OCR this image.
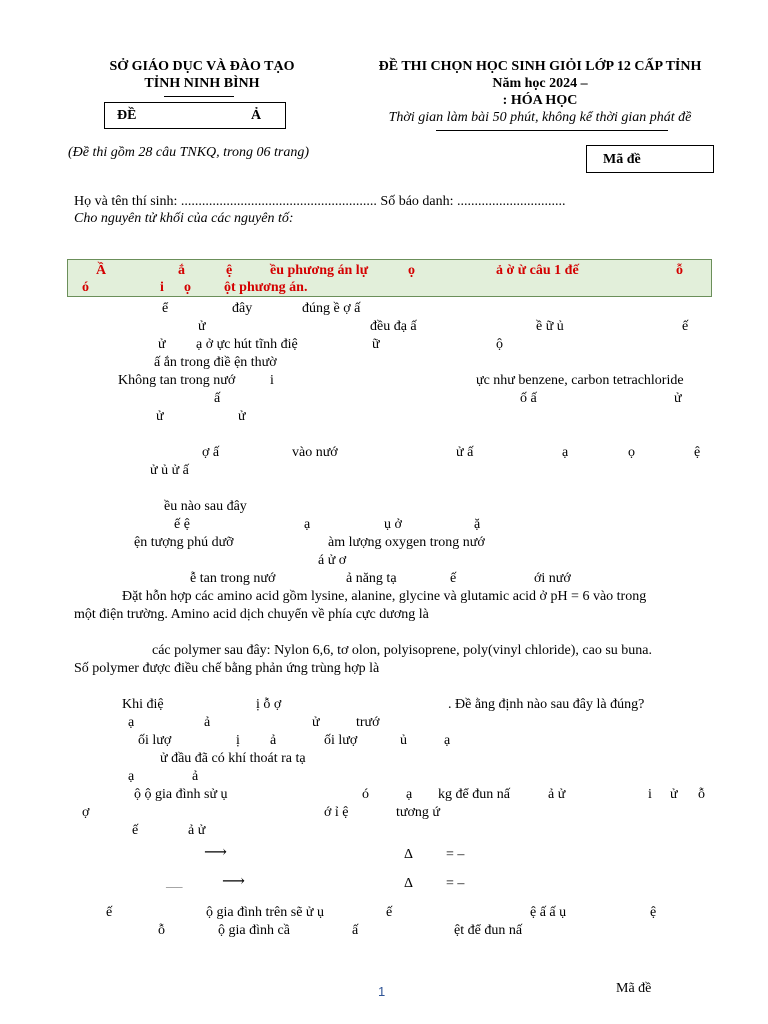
SỞ GIÁO DỤC VÀ ĐÀO TẠO
TỈNH NINH BÌNH
ĐỀ	Ả
ĐỀ THI CHỌN HỌC SINH GIỎI LỚP 12 CẤP TỈNH
Năm học 2024 –
: HÓA HỌC
Thời gian làm bài 50 phút, không kể thời gian phát đề
(Đề thi gồm 28 câu TNKQ, trong 06 trang)	Mã đề
Họ và tên thí sinh: ........................................................ Số báo danh: ...............................
Cho nguyên tử khối của các nguyên tố:
⟶
___ ⟶
1	Mã đề
Ầ	ắ	ệ	ều phương án lự	ọ	ả ờ ừ câu 1 đế	ỗ
ó	i ọ ột phương án.
ể	đây	đúng ề ợ ấ
ử	đều đạ ấ	ề ữ ủ	ế
ử ạ ở ực hút tĩnh điệ	ữ	ộ
ấ ắn trong điề ện thườ
Không tan trong nướ i	ực như benzene, carbon tetrachloride
ấ	ố ấ	ử
ử	ử
ợ ấ	vào nướ	ử ấ	ạ	ọ	ệ
ử ủ ử ấ
ều nào sau đây
ế ệ	ạ	ụ ở	ặ
ện tượng phú dưỡ	àm lượng oxygen trong nướ
á ử ơ
ễ tan trong nướ	ả năng tạ	ế	ới nướ
Đặt hỗn hợp các amino acid gồm lysine, alanine, glycine và glutamic acid ở pH = 6 vào trong
một điện trường. Amino acid dịch chuyển về phía cực dương là
các polymer sau đây: Nylon 6,6, tơ olon, polyisoprene, poly(vinyl chloride), cao su buna.
Số polymer được điều chế bằng phản ứng trùng hợp là
Khi điệ	ị ỗ ợ	. Đề ằng định nào sau đây là đúng?
ạ	ả	ử	trướ
ối lượ	ị ả	ối lượ	ủ	ạ
ử đầu đã có khí thoát ra tạ
ạ	ả
ộ ộ gia đình sử ụ	ó	ạ kg để đun nấ	ả ử	i ử ỗ
ợ	ớ ỉ ệ	tương ứ
ế	ả ử
Δ = –
Δ = –
ế	ộ gia đình trên sẽ ử ụ	ế	ệ ấ ấ ụ	ệ
ỗ	ộ gia đình cầ	ấ	ệt để đun nấ
